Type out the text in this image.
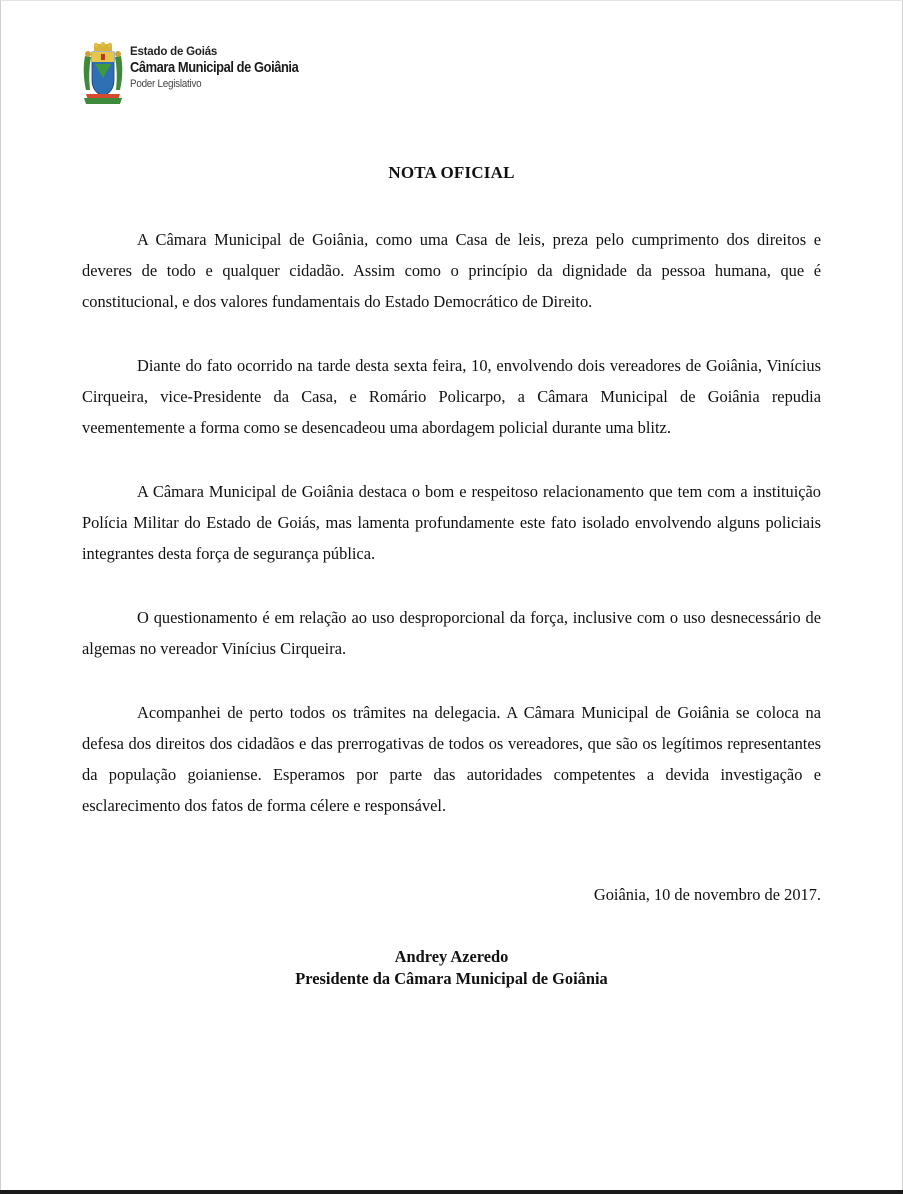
Estado de Goiás
Câmara Municipal de Goiânia
Poder Legislativo
NOTA OFICIAL

A Câmara Municipal de Goiânia, como uma Casa de leis, preza pelo cumprimento dos direitos e deveres de todo e qualquer cidadão. Assim como o princípio da dignidade da pessoa humana, que é constitucional, e dos valores fundamentais do Estado Democrático de Direito.

Diante do fato ocorrido na tarde desta sexta feira, 10, envolvendo dois vereadores de Goiânia, Vinícius Cirqueira, vice-Presidente da Casa, e Romário Policarpo, a Câmara Municipal de Goiânia repudia veementemente a forma como se desencadeou uma abordagem policial durante uma blitz.

A Câmara Municipal de Goiânia destaca o bom e respeitoso relacionamento que tem com a instituição Polícia Militar do Estado de Goiás, mas lamenta profundamente este fato isolado envolvendo alguns policiais integrantes desta força de segurança pública.

O questionamento é em relação ao uso desproporcional da força, inclusive com o uso desnecessário de algemas no vereador Vinícius Cirqueira.

Acompanhei de perto todos os trâmites na delegacia. A Câmara Municipal de Goiânia se coloca na defesa dos direitos dos cidadãos e das prerrogativas de todos os vereadores, que são os legítimos representantes da população goianiense. Esperamos por parte das autoridades competentes a devida investigação e esclarecimento dos fatos de forma célere e responsável.

Goiânia, 10 de novembro de 2017.
Andrey Azeredo
Presidente da Câmara Municipal de Goiânia
